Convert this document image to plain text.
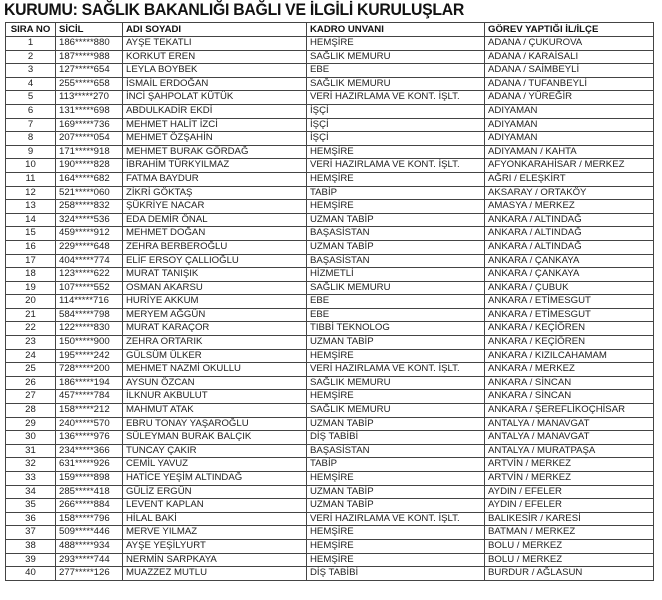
KURUMU: SAĞLIK BAKANLIĞI BAĞLI VE İLGİLİ KURULUŞLAR
SIRA NO	SİCİL	ADI SOYADI	KADRO UNVANI	GÖREV YAPTIĞI İL/İLÇE
1	186*****880	AYŞE TEKATLI	HEMŞİRE	ADANA / ÇUKUROVA
2	187*****988	KORKUT EREN	SAĞLIK MEMURU	ADANA / KARAİSALI
3	127*****654	LEYLA BOYBEK	EBE	ADANA / SAİMBEYLİ
4	255*****658	İSMAİL ERDOĞAN	SAĞLIK MEMURU	ADANA / TUFANBEYLİ
5	113*****270	İNCİ ŞAHPOLAT KÜTÜK	VERİ HAZIRLAMA VE KONT. İŞLT.	ADANA / YÜREĞİR
6	131*****698	ABDULKADİR EKDİ	İŞÇİ	ADIYAMAN
7	169*****736	MEHMET HALİT İZCİ	İŞÇİ	ADIYAMAN
8	207*****054	MEHMET ÖZŞAHİN	İŞÇİ	ADIYAMAN
9	171*****918	MEHMET BURAK GÖRDAĞ	HEMŞİRE	ADIYAMAN / KAHTA
10	190*****828	İBRAHİM TÜRKYILMAZ	VERİ HAZIRLAMA VE KONT. İŞLT.	AFYONKARAHİSAR / MERKEZ
11	164*****682	FATMA BAYDUR	HEMŞİRE	AĞRI / ELEŞKİRT
12	521*****060	ZİKRİ GÖKTAŞ	TABİP	AKSARAY / ORTAKÖY
13	258*****832	ŞÜKRİYE NACAR	HEMŞİRE	AMASYA / MERKEZ
14	324*****536	EDA DEMİR ÖNAL	UZMAN TABİP	ANKARA / ALTINDAĞ
15	459*****912	MEHMET DOĞAN	BAŞASİSTAN	ANKARA / ALTINDAĞ
16	229*****648	ZEHRA BERBEROĞLU	UZMAN TABİP	ANKARA / ALTINDAĞ
17	404*****774	ELİF ERSOY ÇALLIOĞLU	BAŞASİSTAN	ANKARA / ÇANKAYA
18	123*****622	MURAT TANIŞIK	HİZMETLİ	ANKARA / ÇANKAYA
19	107*****552	OSMAN AKARSU	SAĞLIK MEMURU	ANKARA / ÇUBUK
20	114*****716	HURİYE AKKUM	EBE	ANKARA / ETİMESGUT
21	584*****798	MERYEM AĞGÜN	EBE	ANKARA / ETİMESGUT
22	122*****830	MURAT KARAÇOR	TIBBİ TEKNOLOG	ANKARA / KEÇİÖREN
23	150*****900	ZEHRA ORTARIK	UZMAN TABİP	ANKARA / KEÇİÖREN
24	195*****242	GÜLSÜM ÜLKER	HEMŞİRE	ANKARA / KIZILCAHAMAM
25	728*****200	MEHMET NAZMİ OKULLU	VERİ HAZIRLAMA VE KONT. İŞLT.	ANKARA / MERKEZ
26	186*****194	AYSUN ÖZCAN	SAĞLIK MEMURU	ANKARA / SİNCAN
27	457*****784	İLKNUR AKBULUT	HEMŞİRE	ANKARA / SİNCAN
28	158*****212	MAHMUT ATAK	SAĞLIK MEMURU	ANKARA / ŞEREFLİKOÇHİSAR
29	240*****570	EBRU TONAY YAŞAROĞLU	UZMAN TABİP	ANTALYA / MANAVGAT
30	136*****976	SÜLEYMAN BURAK BALÇIK	DİŞ TABİBİ	ANTALYA / MANAVGAT
31	234*****366	TUNCAY ÇAKIR	BAŞASİSTAN	ANTALYA / MURATPAŞA
32	631*****926	CEMİL YAVUZ	TABİP	ARTVİN / MERKEZ
33	159*****898	HATİCE YEŞİM ALTINDAĞ	HEMŞİRE	ARTVİN / MERKEZ
34	285*****418	GÜLİZ ERGÜN	UZMAN TABİP	AYDIN / EFELER
35	266*****884	LEVENT KAPLAN	UZMAN TABİP	AYDIN / EFELER
36	158*****796	HİLAL BAKİ	VERİ HAZIRLAMA VE KONT. İŞLT.	BALIKESİR / KARESİ
37	509*****446	MERVE YILMAZ	HEMŞİRE	BATMAN / MERKEZ
38	488*****934	AYŞE YEŞİLYURT	HEMŞİRE	BOLU / MERKEZ
39	293*****744	NERMİN SARPKAYA	HEMŞİRE	BOLU / MERKEZ
40	277*****126	MUAZZEZ MUTLU	DİŞ TABİBİ	BURDUR / AĞLASUN
